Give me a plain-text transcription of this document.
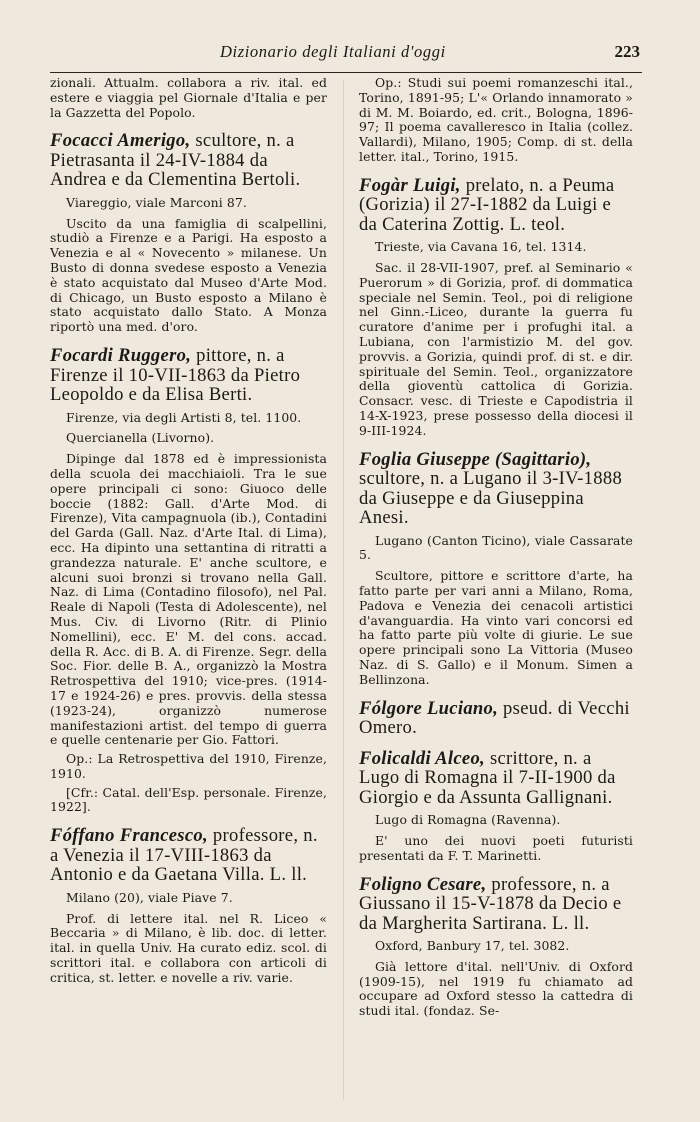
Dizionario degli Italiani d'oggi	223
zionali. Attualm. collabora a riv. ital. ed estere e viaggia pel Giornale d'Italia e per la Gazzetta del Popolo.
Focacci Amerigo, scultore, n. a Pietrasanta il 24-IV-1884 da Andrea e da Clementina Bertoli.
Viareggio, viale Marconi 87.
Uscito da una famiglia di scalpellini, studiò a Firenze e a Parigi. Ha esposto a Venezia e al « Novecento » milanese. Un Busto di donna svedese esposto a Venezia è stato acquistato dal Museo d'Arte Mod. di Chicago, un Busto esposto a Milano è stato acquistato dallo Stato. A Monza riportò una med. d'oro.
Focardi Ruggero, pittore, n. a Firenze il 10-VII-1863 da Pietro Leopoldo e da Elisa Berti.
Firenze, via degli Artisti 8, tel. 1100.
Quercianella (Livorno).
Dipinge dal 1878 ed è impressionista della scuola dei macchiaioli. Tra le sue opere principali ci sono: Giuoco delle boccie (1882: Gall. d'Arte Mod. di Firenze), Vita campagnuola (ib.), Contadini del Garda (Gall. Naz. d'Arte Ital. di Lima), ecc. Ha dipinto una settantina di ritratti a grandezza naturale. E' anche scultore, e alcuni suoi bronzi si trovano nella Gall. Naz. di Lima (Contadino filosofo), nel Pal. Reale di Napoli (Testa di Adolescente), nel Mus. Civ. di Livorno (Ritr. di Plinio Nomellini), ecc. E' M. del cons. accad. della R. Acc. di B. A. di Firenze. Segr. della Soc. Fior. delle B. A., organizzò la Mostra Retrospettiva del 1910; vice-pres. (1914-17 e 1924-26) e pres. provvis. della stessa (1923-24), organizzò numerose manifestazioni artist. del tempo di guerra e quelle centenarie per Gio. Fattori.
Op.: La Retrospettiva del 1910, Firenze, 1910.
[Cfr.: Catal. dell'Esp. personale. Firenze, 1922].
Fóffano Francesco, professore, n. a Venezia il 17-VIII-1863 da Antonio e da Gaetana Villa. L. ll.
Milano (20), viale Piave 7.
Prof. di lettere ital. nel R. Liceo « Beccaria » di Milano, è lib. doc. di letter. ital. in quella Univ. Ha curato ediz. scol. di scrittori ital. e collabora con articoli di critica, st. letter. e novelle a riv. varie.
Op.: Studi sui poemi romanzeschi ital., Torino, 1891-95; L'« Orlando innamorato » di M. M. Boiardo, ed. crit., Bologna, 1896-97; Il poema cavalleresco in Italia (collez. Vallardi), Milano, 1905; Comp. di st. della letter. ital., Torino, 1915.
Fogàr Luigi, prelato, n. a Peuma (Gorizia) il 27-I-1882 da Luigi e da Caterina Zottig. L. teol.
Trieste, via Cavana 16, tel. 1314.
Sac. il 28-VII-1907, pref. al Seminario « Puerorum » di Gorizia, prof. di dommatica speciale nel Semin. Teol., poi di religione nel Ginn.-Liceo, durante la guerra fu curatore d'anime per i profughi ital. a Lubiana, con l'armistizio M. del gov. provvis. a Gorizia, quindi prof. di st. e dir. spirituale del Semin. Teol., organizzatore della gioventù cattolica di Gorizia. Consacr. vesc. di Trieste e Capodistria il 14-X-1923, prese possesso della diocesi il 9-III-1924.
Foglia Giuseppe (Sagittario), scultore, n. a Lugano il 3-IV-1888 da Giuseppe e da Giuseppina Anesi.
Lugano (Canton Ticino), viale Cassarate 5.
Scultore, pittore e scrittore d'arte, ha fatto parte per vari anni a Milano, Roma, Padova e Venezia dei cenacoli artistici d'avanguardia. Ha vinto vari concorsi ed ha fatto parte più volte di giurie. Le sue opere principali sono La Vittoria (Museo Naz. di S. Gallo) e il Monum. Simen a Bellinzona.
Fólgore Luciano, pseud. di Vecchi Omero.
Folicaldi Alceo, scrittore, n. a Lugo di Romagna il 7-II-1900 da Giorgio e da Assunta Gallignani.
Lugo di Romagna (Ravenna).
E' uno dei nuovi poeti futuristi presentati da F. T. Marinetti.
Foligno Cesare, professore, n. a Giussano il 15-V-1878 da Decio e da Margherita Sartirana. L. ll.
Oxford, Banbury 17, tel. 3082.
Già lettore d'ital. nell'Univ. di Oxford (1909-15), nel 1919 fu chiamato ad occupare ad Oxford stesso la cattedra di studi ital. (fondaz. Se-
